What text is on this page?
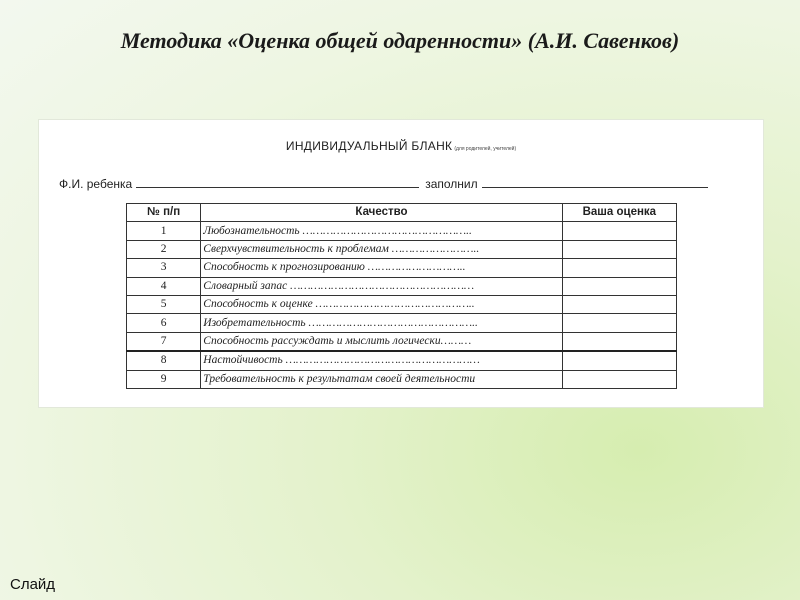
Методика «Оценка общей одаренности» (А.И. Савенков)
ИНДИВИДУАЛЬНЫЙ БЛАНК (для родителей, учителей)
Ф.И. ребенка	заполнил
№ п/п	Качество	Ваша оценка
1	Любознательность …………………………………………..	
2	Сверхчувствительность к проблемам ……………………..	
3	Способность к прогнозированию ………………………..	
4	Словарный запас ………………………………………………	
5	Способность к оценке ………………………………………..	
6	Изобретательность …………………………………………..	
7	Способность рассуждать и мыслить логически………	
8	Настойчивость …………………………………………………	
9	Требовательность к результатам своей деятельности	
Слайд
